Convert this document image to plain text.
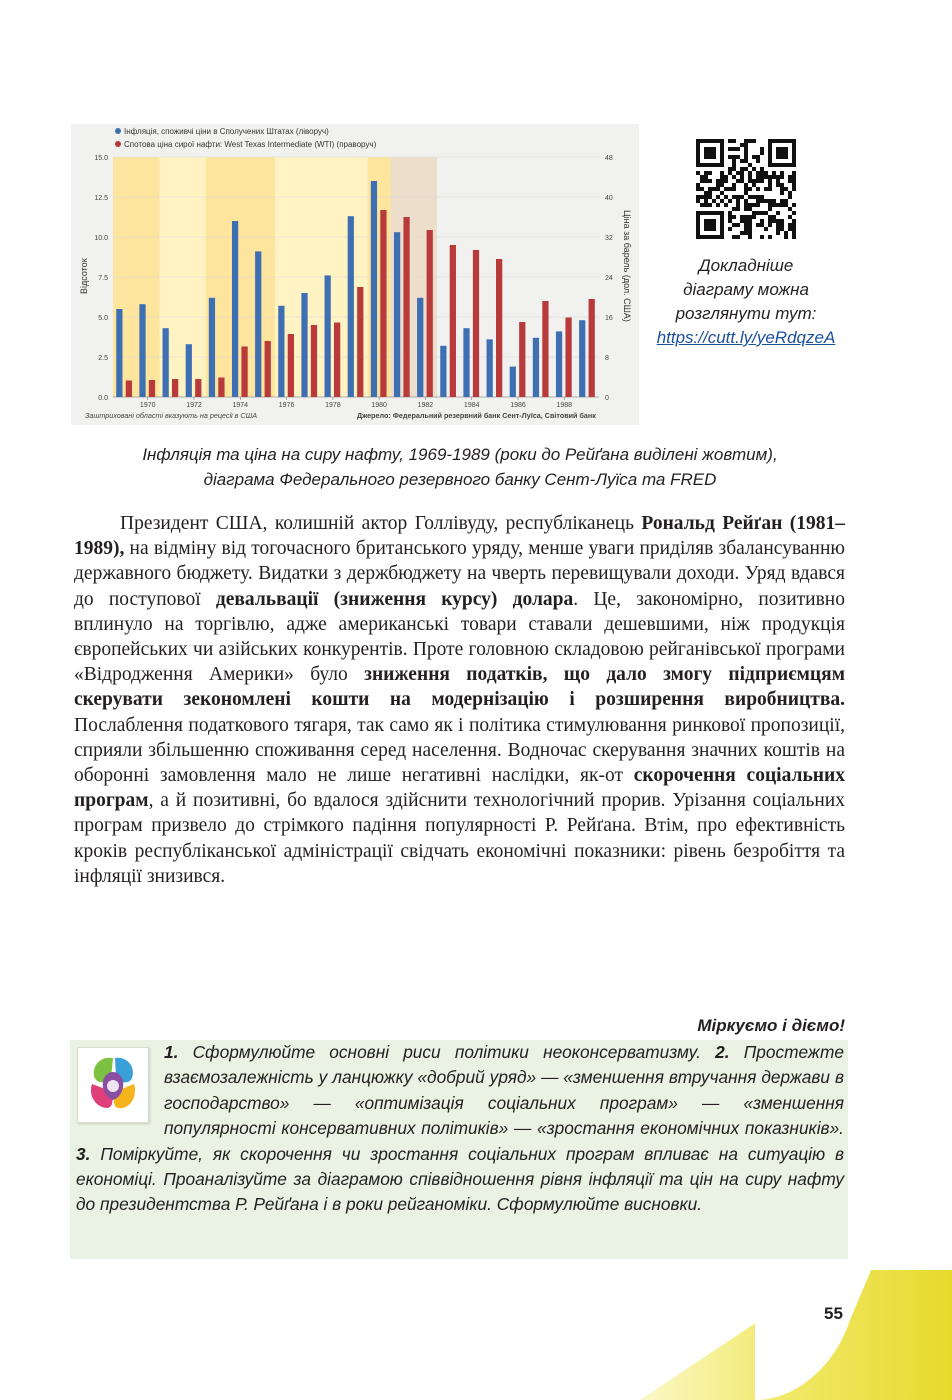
0.0
2.5
5.0
7.5
10.0
12.5
15.0
0
8
16
24
32
40
48
1970	1972	1974	1976	1978	1980	1982	1984	1986	1988
Інфляція, споживчі ціни в Сполучених Штатах (ліворуч)
Спотова ціна сирої нафти: West Texas Intermediate (WTI) (праворуч)
Відсоток	Ціна за барель (дол. США)
Заштриховані області вказують на рецесії в США	Джерело: Федеральний резервний банк Сент-Луїса, Світовий банк
Докладніше
діаграму можна
розглянути тут:
https://cutt.ly/yeRdqzeA
Інфляція та ціна на сиру нафту, 1969-1989 (роки до Рейґана виділені жовтим),
діаграма Федерального резервного банку Сент-Луїса та FRED

Президент США, колишній актор Голлівуду, республіканець Рональд Рейґан (1981–1989), на відміну від тогочасного британського уряду, менше уваги приділяв збалансуванню державного бюджету. Видатки з держбюджету на чверть перевищували доходи. Уряд вдався до поступової девальвації (зниження курсу) долара. Це, закономірно, позитивно вплинуло на торгівлю, адже американські товари ставали дешевшими, ніж продукція європейських чи азійських конкурентів. Проте головною складовою рейганівської програми «Відродження Америки» було зниження податків, що дало змогу підприємцям скерувати зекономлені кошти на модернізацію і розширення виробництва. Послаблення податкового тягаря, так само як і політика стимулювання ринкової пропозиції, сприяли збільшенню споживання серед населення. Водночас скерування значних коштів на оборонні замовлення мало не лише негативні наслідки, як-от скорочення соціальних програм, а й позитивні, бо вдалося здійснити технологічний прорив. Урізання соціальних програм призвело до стрімкого падіння популярності Р. Рейґана. Втім, про ефективність кроків республіканської адміністрації свідчать економічні показники: рівень безробіття та інфляції знизився.

Міркуємо і діємо!
1. Сформулюйте основні риси політики неоконсерватизму. 2. Простежте взаємозалежність у ланцюжку «добрий уряд» — «зменшення втручання держави в господарство» — «оптимізація соціальних програм» — «зменшення популярності консервативних політиків» — «зростання економічних показників». 3. Поміркуйте, як скорочення чи зростання соціальних програм впливає на ситуацію в економіці. Проаналізуйте за діаграмою співвідношення рівня інфляції та цін на сиру нафту до президентства Р. Рейґана і в роки рейганоміки. Сформулюйте висновки.
55
